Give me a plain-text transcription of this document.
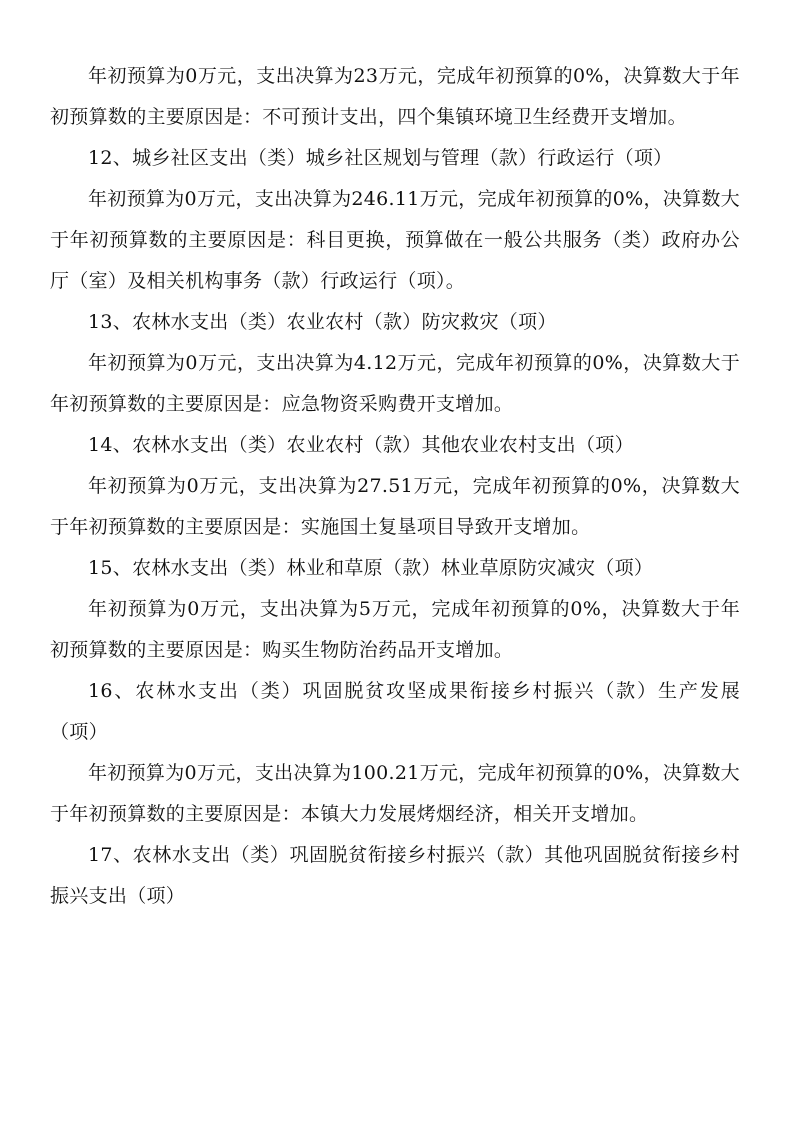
年初预算为0万元，支出决算为23万元，完成年初预算的0%，决算数大于年初预算数的主要原因是：不可预计支出，四个集镇环境卫生经费开支增加。

12、城乡社区支出（类）城乡社区规划与管理（款）行政运行（项）

年初预算为0万元，支出决算为246.11万元，完成年初预算的0%，决算数大于年初预算数的主要原因是：科目更换，预算做在一般公共服务（类）政府办公厅（室）及相关机构事务（款）行政运行（项）。

13、农林水支出（类）农业农村（款）防灾救灾（项）

年初预算为0万元，支出决算为4.12万元，完成年初预算的0%，决算数大于年初预算数的主要原因是：应急物资采购费开支增加。

14、农林水支出（类）农业农村（款）其他农业农村支出（项）

年初预算为0万元，支出决算为27.51万元，完成年初预算的0%，决算数大于年初预算数的主要原因是：实施国土复垦项目导致开支增加。

15、农林水支出（类）林业和草原（款）林业草原防灾减灾（项）

年初预算为0万元，支出决算为5万元，完成年初预算的0%，决算数大于年初预算数的主要原因是：购买生物防治药品开支增加。

16、农林水支出（类）巩固脱贫攻坚成果衔接乡村振兴（款）生产发展（项）

年初预算为0万元，支出决算为100.21万元，完成年初预算的0%，决算数大于年初预算数的主要原因是：本镇大力发展烤烟经济，相关开支增加。

17、农林水支出（类）巩固脱贫衔接乡村振兴（款）其他巩固脱贫衔接乡村振兴支出（项）
